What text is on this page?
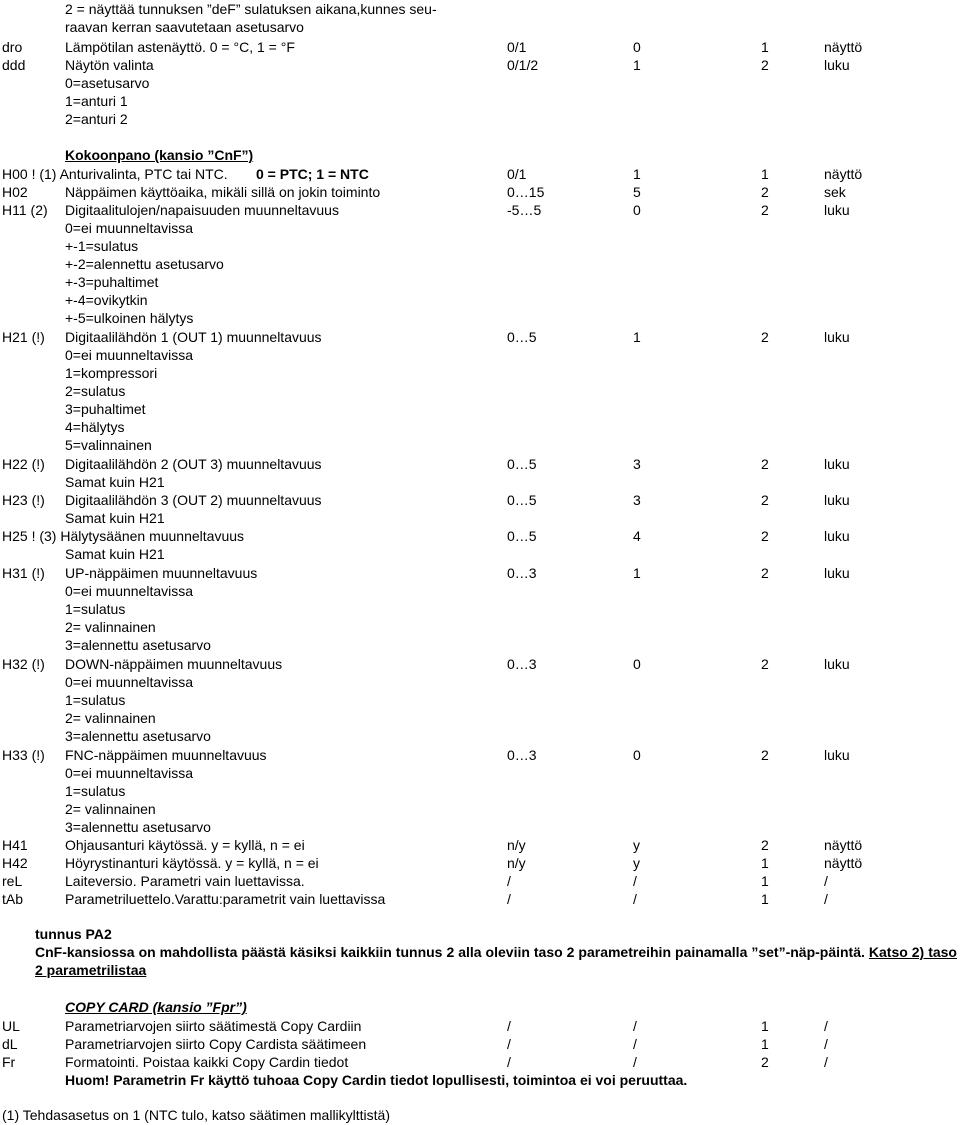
2 = näyttää tunnuksen ”deF” sulatuksen aikana,kunnes seu-
raavan kerran saavutetaan asetusarvo
dro	Lämpötilan astenäyttö. 0 = °C, 1 = °F	0/1	0	1	näyttö
ddd	Näytön valinta	0/1/2	1	2	luku
0=asetusarvo
1=anturi 1
2=anturi 2
Kokoonpano (kansio ”CnF”)
H00 ! (1) Anturivalinta, PTC tai NTC. 0 = PTC; 1 = NTC	0/1	1	1	näyttö
H02	Näppäimen käyttöaika, mikäli sillä on jokin toiminto	0…15	5	2	sek
H11 (2) Digitaalitulojen/napaisuuden muunneltavuus	-5…5	0	2	luku
0=ei muunneltavissa
+-1=sulatus
+-2=alennettu asetusarvo
+-3=puhaltimet
+-4=ovikytkin
+-5=ulkoinen hälytys
H21 (!) Digitaalilähdön 1 (OUT 1) muunneltavuus	0…5	1	2	luku
0=ei muunneltavissa
1=kompressori
2=sulatus
3=puhaltimet
4=hälytys
5=valinnainen
H22 (!) Digitaalilähdön 2 (OUT 3) muunneltavuus	0…5	3	2	luku
Samat kuin H21
H23 (!) Digitaalilähdön 3 (OUT 2) muunneltavuus	0…5	3	2	luku
Samat kuin H21
H25 ! (3) Hälytysäänen muunneltavuus	0…5	4	2	luku
Samat kuin H21
H31 (!) UP-näppäimen muunneltavuus	0…3	1	2	luku
0=ei muunneltavissa
1=sulatus
2= valinnainen
3=alennettu asetusarvo
H32 (!) DOWN-näppäimen muunneltavuus	0…3	0	2	luku
0=ei muunneltavissa
1=sulatus
2= valinnainen
3=alennettu asetusarvo
H33 (!) FNC-näppäimen muunneltavuus	0…3	0	2	luku
0=ei muunneltavissa
1=sulatus
2= valinnainen
3=alennettu asetusarvo
H41	Ohjausanturi käytössä. y = kyllä, n = ei	n/y	y	2	näyttö
H42	Höyrystinanturi käytössä. y = kyllä, n = ei	n/y	y	1	näyttö
reL	Laiteversio. Parametri vain luettavissa.	/	/	1	/
tAb	Parametriluettelo.Varattu:parametrit vain luettavissa	/	/	1	/
tunnus PA2
CnF-kansiossa on mahdollista päästä käsiksi kaikkiin tunnus 2 alla oleviin taso 2 parametreihin painamalla ”set”-näp-päintä. Katso 2) taso 2 parametrilistaa
COPY CARD (kansio ”Fpr”)
UL	Parametriarvojen siirto säätimestä Copy Cardiin	/	/	1	/
dL	Parametriarvojen siirto Copy Cardista säätimeen	/	/	1	/
Fr	Formatointi. Poistaa kaikki Copy Cardin tiedot	/	/	2	/
Huom! Parametrin Fr käyttö tuhoaa Copy Cardin tiedot lopullisesti, toimintoa ei voi peruuttaa.
(1) Tehdasasetus on 1 (NTC tulo, katso säätimen mallikylttistä)
